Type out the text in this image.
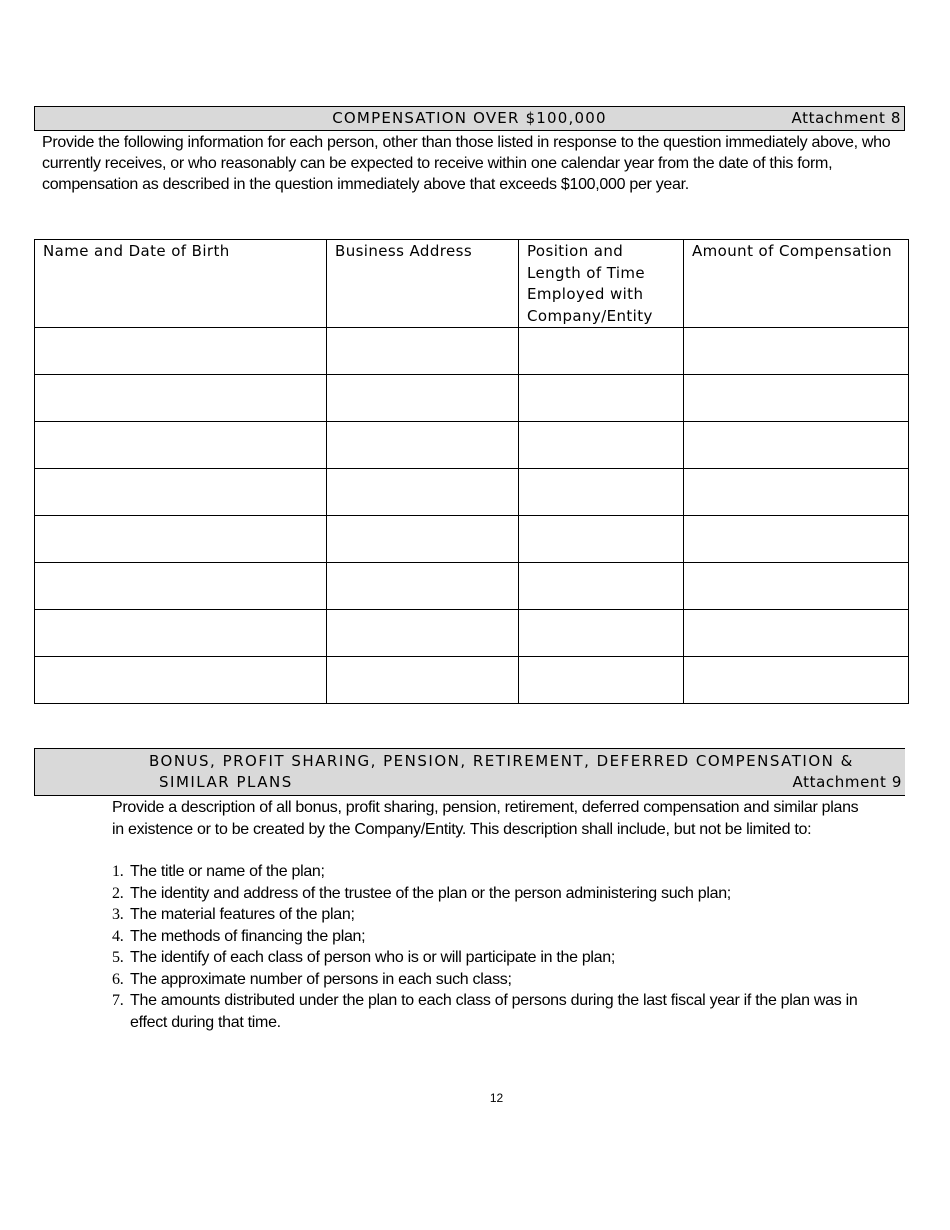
COMPENSATION OVER $100,000	Attachment 8

Provide the following information for each person, other than those listed in response to the question immediately above, who currently receives, or who reasonably can be expected to receive within one calendar year from the date of this form, compensation as described in the question immediately above that exceeds $100,000 per year.

Name and Date of Birth	Business Address	Position and Length of Time Employed with Company/Entity	Amount of Compensation

BONUS, PROFIT SHARING, PENSION, RETIREMENT, DEFERRED COMPENSATION &
SIMILAR PLANS	Attachment 9

Provide a description of all bonus, profit sharing, pension, retirement, deferred compensation and similar plans in existence or to be created by the Company/Entity. This description shall include, but not be limited to:

1. The title or name of the plan;
2. The identity and address of the trustee of the plan or the person administering such plan;
3. The material features of the plan;
4. The methods of financing the plan;
5. The identify of each class of person who is or will participate in the plan;
6. The approximate number of persons in each such class;
7. The amounts distributed under the plan to each class of persons during the last fiscal year if the plan was in effect during that time.
12
